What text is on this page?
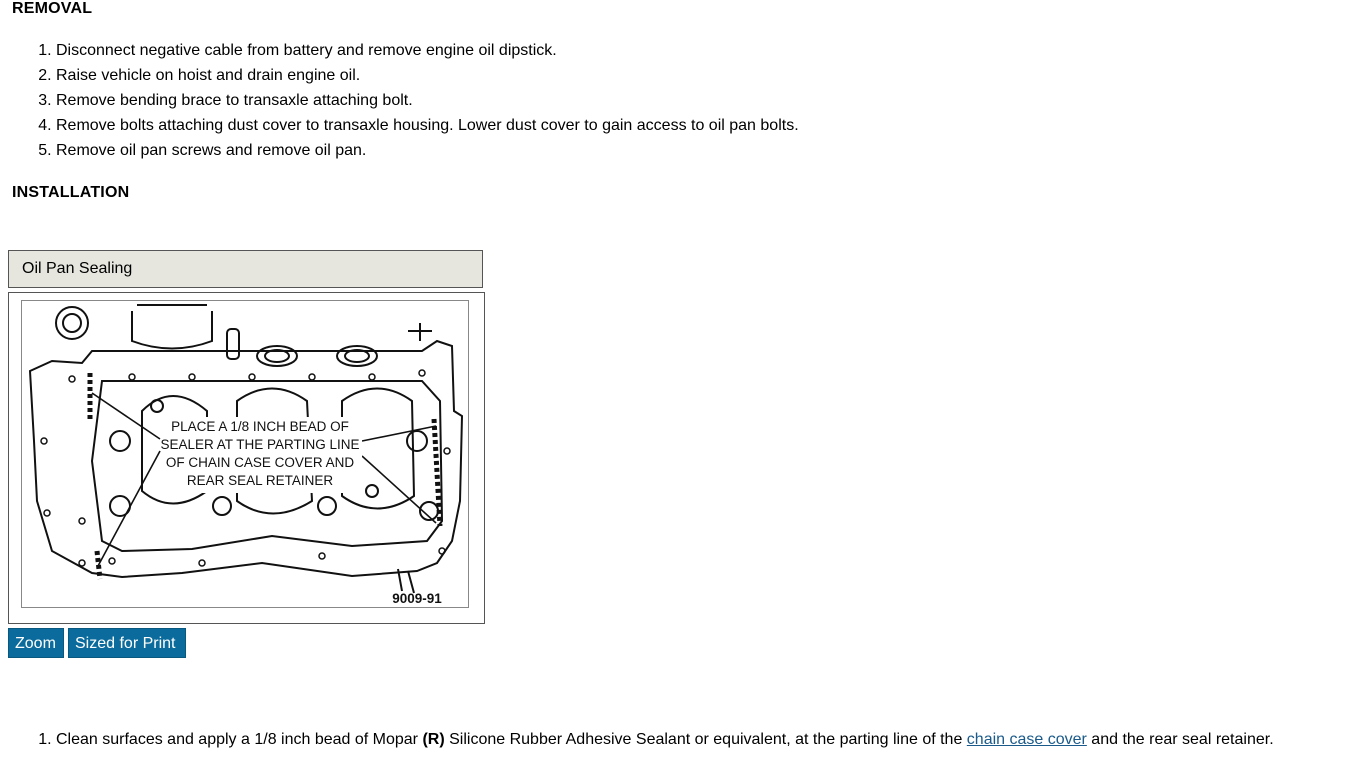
REMOVAL
1. Disconnect negative cable from battery and remove engine oil dipstick.
2. Raise vehicle on hoist and drain engine oil.
3. Remove bending brace to transaxle attaching bolt.
4. Remove bolts attaching dust cover to transaxle housing. Lower dust cover to gain access to oil pan bolts.
5. Remove oil pan screws and remove oil pan.
INSTALLATION
Oil Pan Sealing
PLACE A 1/8 INCH BEAD OF
SEALER AT THE PARTING LINE
OF CHAIN CASE COVER AND
REAR SEAL RETAINER
9009-91
Zoom	Sized for Print
1. Clean surfaces and apply a 1/8 inch bead of Mopar (R) Silicone Rubber Adhesive Sealant or equivalent, at the parting line of the chain case cover and the rear seal retainer.
